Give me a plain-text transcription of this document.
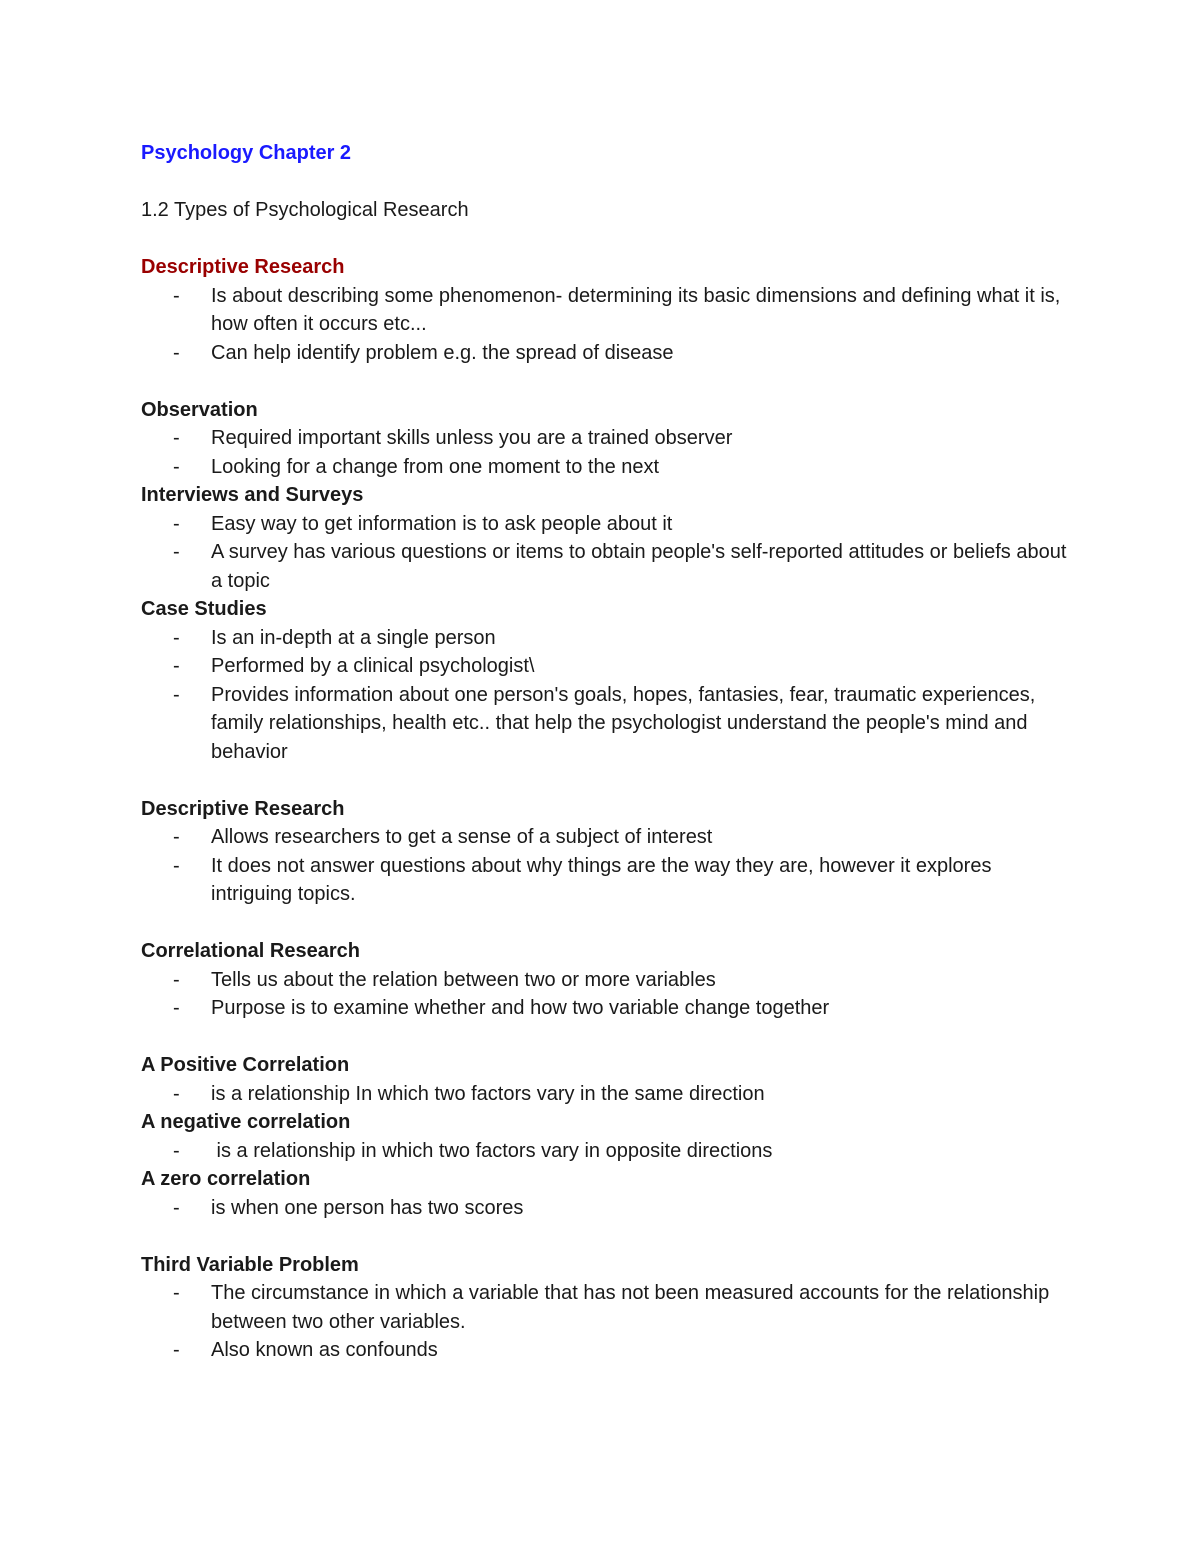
Psychology Chapter 2

1.2 Types of Psychological Research

Descriptive Research

- Is about describing some phenomenon- determining its basic dimensions and defining what it is, how often it occurs etc...
- Can help identify problem e.g. the spread of disease

Observation

- Required important skills unless you are a trained observer
- Looking for a change from one moment to the next

Interviews and Surveys

- Easy way to get information is to ask people about it
- A survey has various questions or items to obtain people's self-reported attitudes or beliefs about a topic

Case Studies

- Is an in-depth at a single person
- Performed by a clinical psychologist\
- Provides information about one person's goals, hopes, fantasies, fear, traumatic experiences, family relationships, health etc.. that help the psychologist understand the people's mind and behavior

Descriptive Research

- Allows researchers to get a sense of a subject of interest
- It does not answer questions about why things are the way they are, however it explores intriguing topics.

Correlational Research

- Tells us about the relation between two or more variables
- Purpose is to examine whether and how two variable change together

A Positive Correlation

- is a relationship In which two factors vary in the same direction

A negative correlation

- is a relationship in which two factors vary in opposite directions

A zero correlation

- is when one person has two scores

Third Variable Problem

- The circumstance in which a variable that has not been measured accounts for the relationship between two other variables.
- Also known as confounds
